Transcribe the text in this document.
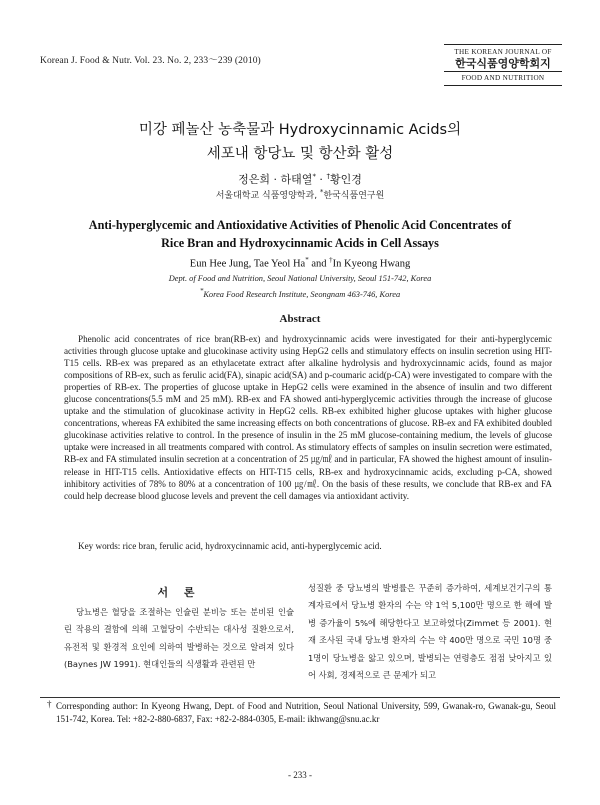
Korean J. Food & Nutr. Vol. 23. No. 2, 233～239 (2010)
THE KOREAN JOURNAL OF
한국식품영양학회지
FOOD AND NUTRITION
미강 페놀산 농축물과 Hydroxycinnamic Acids의
세포내 항당뇨 및 항산화 활성
정은희 · 하태열* · †황인경
서울대학교 식품영양학과, *한국식품연구원
Anti-hyperglycemic and Antioxidative Activities of Phenolic Acid Concentrates of
Rice Bran and Hydroxycinnamic Acids in Cell Assays
Eun Hee Jung, Tae Yeol Ha* and †In Kyeong Hwang
Dept. of Food and Nutrition, Seoul National University, Seoul 151-742, Korea
*Korea Food Research Institute, Seongnam 463-746, Korea
Abstract

Phenolic acid concentrates of rice bran(RB-ex) and hydroxycinnamic acids were investigated for their anti-hyperglycemic activities through glucose uptake and glucokinase activity using HepG2 cells and stimulatory effects on insulin secretion using HIT-T15 cells. RB-ex was prepared as an ethylacetate extract after alkaline hydrolysis and hydroxycinnamic acids, found as major compositions of RB-ex, such as ferulic acid(FA), sinapic acid(SA) and p-coumaric acid(p-CA) were investigated to compare with the properties of RB-ex. The properties of glucose uptake in HepG2 cells were examined in the absence of insulin and two different glucose concentrations(5.5 mM and 25 mM). RB-ex and FA showed anti-hyperglycemic activities through the increase of glucose uptake and the stimulation of glucokinase activity in HepG2 cells. RB-ex exhibited higher glucose uptakes with higher glucose concentrations, whereas FA exhibited the same increasing effects on both concentrations of glucose. RB-ex and FA exhibited doubled glucokinase activities relative to control. In the presence of insulin in the 25 mM glucose-containing medium, the levels of glucose uptake were increased in all treatments compared with control. As stimulatory effects of samples on insulin secretion were estimated, RB-ex and FA stimulated insulin secretion at a concentration of 25 ㎍/㎖ and in particular, FA showed the highest amount of insulin-release in HIT-T15 cells. Antioxidative effects on HIT-T15 cells, RB-ex and hydroxycinnamic acids, excluding p-CA, showed inhibitory activities of 78% to 80% at a concentration of 100 ㎍/㎖. On the basis of these results, we conclude that RB-ex and FA could help decrease blood glucose levels and prevent the cell damages via antioxidant activity.

Key words: rice bran, ferulic acid, hydroxycinnamic acid, anti-hyperglycemic acid.
서 론

당뇨병은 혈당을 조절하는 인슐린 분비능 또는 분비된 인슐린 작용의 결함에 의해 고혈당이 수반되는 대사성 질환으로서, 유전적 및 환경적 요인에 의하여 발병하는 것으로 알려져 있다(Baynes JW 1991). 현대인들의 식생활과 관련된 만

성질환 중 당뇨병의 발병률은 꾸준히 증가하여, 세계보건기구의 통계자료에서 당뇨병 환자의 수는 약 1억 5,100만 명으로 한 해에 발병 증가율이 5%에 해당한다고 보고하였다(Zimmet 등 2001). 현재 조사된 국내 당뇨병 환자의 수는 약 400만 명으로 국민 10명 중 1명이 당뇨병을 앓고 있으며, 발병되는 연령층도 점점 낮아지고 있어 사회, 경제적으로 큰 문제가 되고

† Corresponding author: In Kyeong Hwang, Dept. of Food and Nutrition, Seoul National University, 599, Gwanak-ro, Gwanak-gu, Seoul 151-742, Korea. Tel: +82-2-880-6837, Fax: +82-2-884-0305, E-mail: ikhwang@snu.ac.kr
- 233 -
